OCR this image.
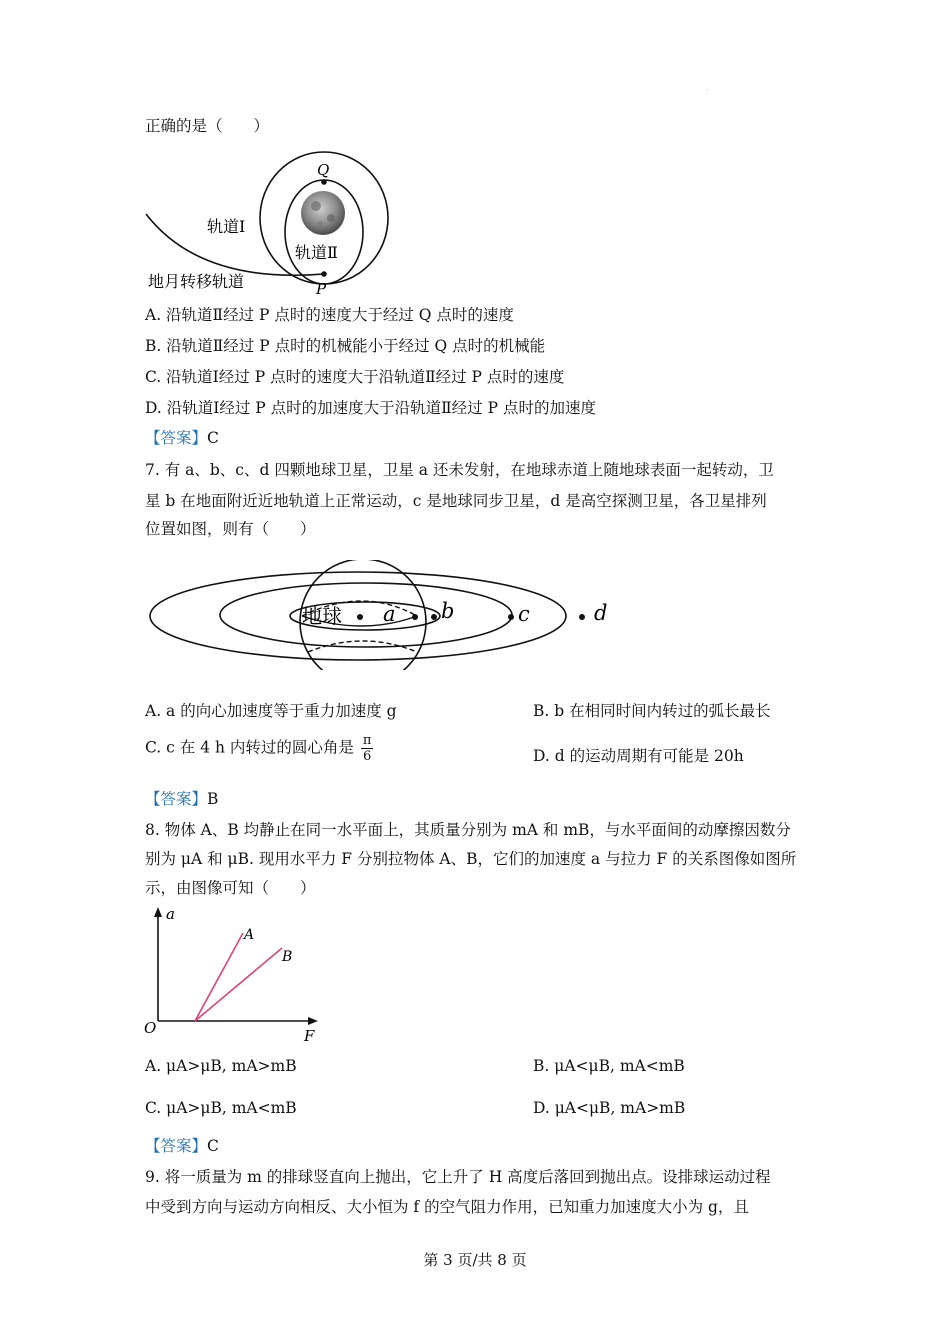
﹒
正确的是（　　）
Q
P
轨道Ⅰ
轨道Ⅱ
地月转移轨道
A. 沿轨道Ⅱ经过 P 点时的速度大于经过 Q 点时的速度
B. 沿轨道Ⅱ经过 P 点时的机械能小于经过 Q 点时的机械能
C. 沿轨道Ⅰ经过 P 点时的速度大于沿轨道Ⅱ经过 P 点时的速度
D. 沿轨道Ⅰ经过 P 点时的加速度大于沿轨道Ⅱ经过 P 点时的加速度
【答案】C
7. 有 a、b、c、d 四颗地球卫星，卫星 a 还未发射，在地球赤道上随地球表面一起转动，卫
星 b 在地面附近近地轨道上正常运动，c 是地球同步卫星，d 是高空探测卫星，各卫星排列
位置如图，则有（　　）
地球 a b	c	d
A. a 的向心加速度等于重力加速度 g	B. b 在相同时间内转过的弧长最长
C. c 在 4 h 内转过的圆心角是 $\frac{\pi}{6}$	D. d 的运动周期有可能是 20h
【答案】B
8. 物体 A、B 均静止在同一水平面上，其质量分别为 mA 和 mB，与水平面间的动摩擦因数分
别为 μA 和 μB. 现用水平力 F 分别拉物体 A、B，它们的加速度 a 与拉力 F 的关系图像如图所
示，由图像可知（　　）
a
F
O
A
B
A. μA>μB, mA>mB	B. μA<μB, mA<mB
C. μA>μB, mA<mB	D. μA<μB, mA>mB
【答案】C
9. 将一质量为 m 的排球竖直向上抛出，它上升了 H 高度后落回到抛出点。设排球运动过程
中受到方向与运动方向相反、大小恒为 f 的空气阻力作用，已知重力加速度大小为 g，且
第 3 页/共 8 页
